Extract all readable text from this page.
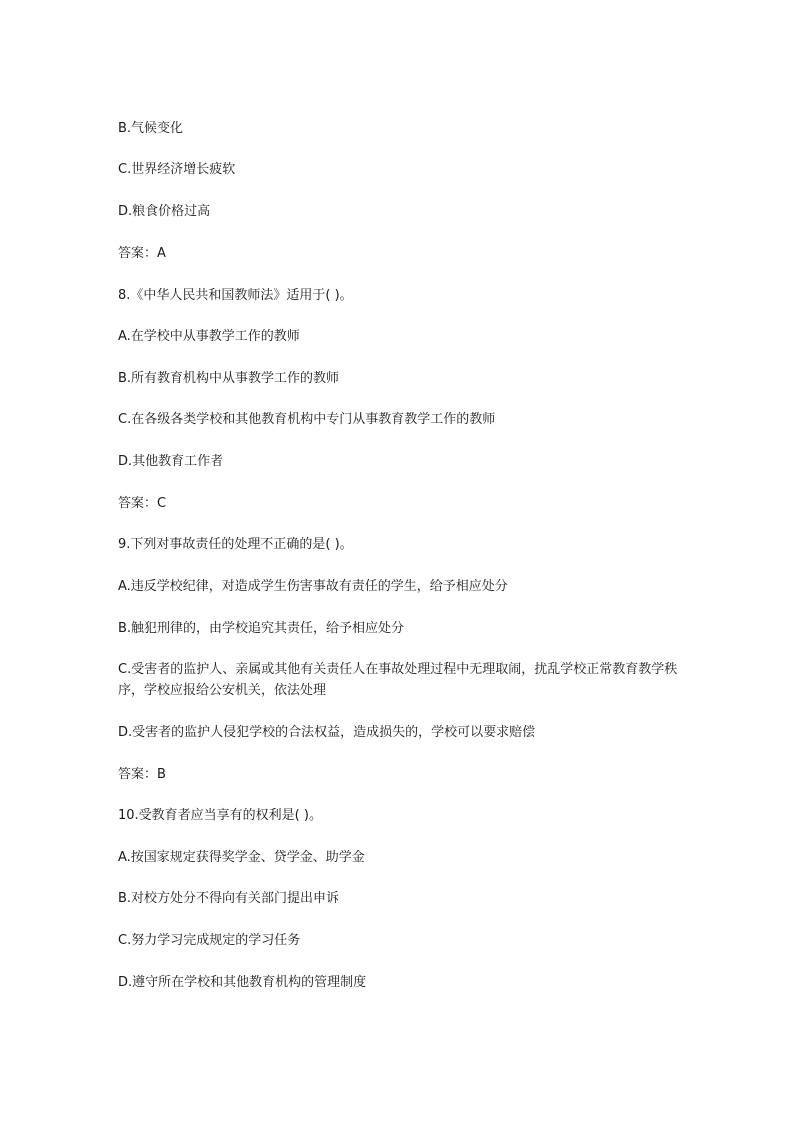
B.气候变化
C.世界经济增长疲软
D.粮食价格过高
答案：A
8.《中华人民共和国教师法》适用于( )。
A.在学校中从事教学工作的教师
B.所有教育机构中从事教学工作的教师
C.在各级各类学校和其他教育机构中专门从事教育教学工作的教师
D.其他教育工作者
答案：C
9.下列对事故责任的处理不正确的是( )。
A.违反学校纪律，对造成学生伤害事故有责任的学生，给予相应处分
B.触犯刑律的，由学校追究其责任，给予相应处分
C.受害者的监护人、亲属或其他有关责任人在事故处理过程中无理取闹，扰乱学校正常教育教学秩序，学校应报给公安机关，依法处理
D.受害者的监护人侵犯学校的合法权益，造成损失的，学校可以要求赔偿
答案：B
10.受教育者应当享有的权利是( )。
A.按国家规定获得奖学金、贷学金、助学金
B.对校方处分不得向有关部门提出申诉
C.努力学习完成规定的学习任务
D.遵守所在学校和其他教育机构的管理制度
